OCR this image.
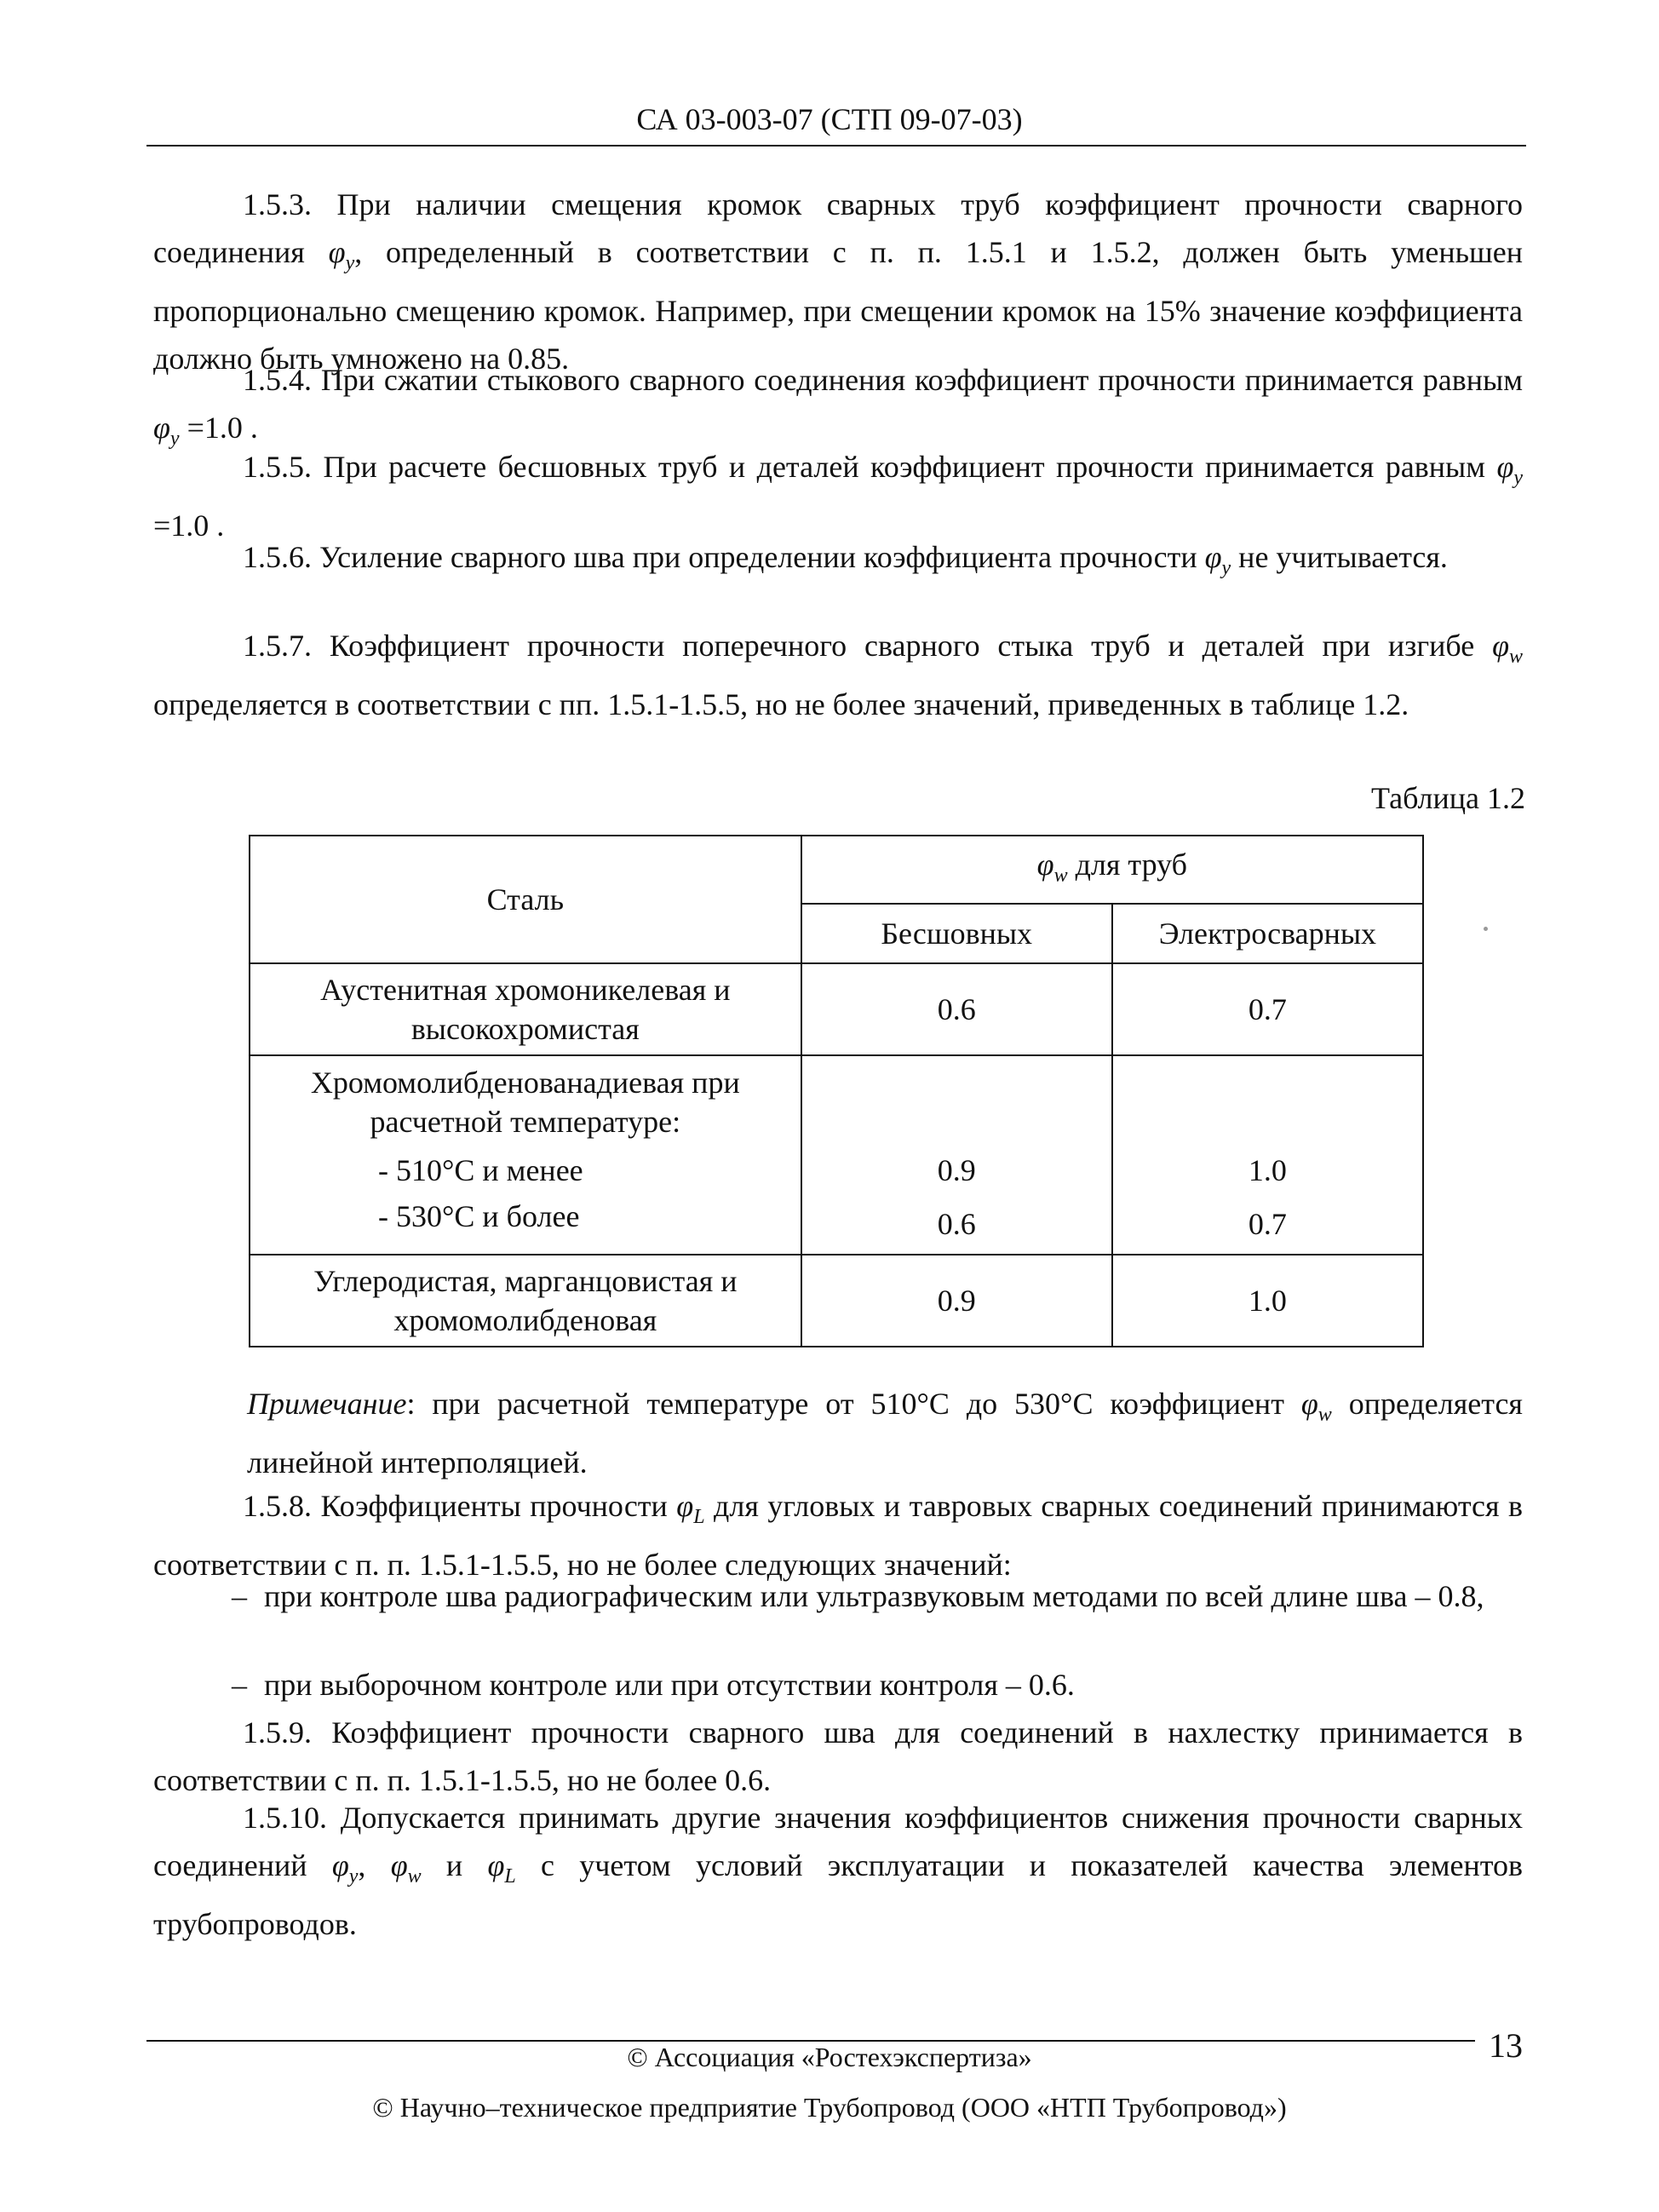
СА 03-003-07 (СТП 09-07-03)
1.5.3. При наличии смещения кромок сварных труб коэффициент прочности сварного соединения $\varphi_y$, определенный в соответствии с п. п. 1.5.1 и 1.5.2, должен быть уменьшен пропорционально смещению кромок. Например, при смещении кромок на 15% значение коэффициента должно быть умножено на 0.85.
1.5.4. При сжатии стыкового сварного соединения коэффициент прочности принимается равным $\varphi_y =1.0$ .
1.5.5. При расчете бесшовных труб и деталей коэффициент прочности принимается равным $\varphi_y =1.0$ .
1.5.6. Усиление сварного шва при определении коэффициента прочности $\varphi_y$ не учитывается.
1.5.7. Коэффициент прочности поперечного сварного стыка труб и деталей при изгибе $\varphi_w$ определяется в соответствии с пп. 1.5.1-1.5.5, но не более значений, приведенных в таблице 1.2.
Таблица 1.2
Сталь	$\varphi_w$ для труб	
	Бесшовных	Электросварных
Аустенитная хромоникелевая и высокохромистая	0.6	0.7
Хромомолибденованадиевая при расчетной температуре:		

- 510°С и менее	0.9	1.0

- 530°С и более	0.6	0.7
Углеродистая, марганцовистая и хромомолибденовая	0.9	1.0
Примечание: при расчетной температуре от 510°С до 530°С коэффициент $\varphi_w$ определяется линейной интерполяцией.
1.5.8. Коэффициенты прочности $\varphi_L$ для угловых и тавровых сварных соединений принимаются в соответствии с п. п. 1.5.1-1.5.5, но не более следующих значений:
– при контроле шва радиографическим или ультразвуковым методами по всей длине шва – 0.8,
– при выборочном контроле или при отсутствии контроля – 0.6.
1.5.9. Коэффициент прочности сварного шва для соединений в нахлестку принимается в соответствии с п. п. 1.5.1-1.5.5, но не более 0.6.
1.5.10. Допускается принимать другие значения коэффициентов снижения прочности сварных соединений $\varphi_y$, $\varphi_w$ и $\varphi_L$ с учетом условий эксплуатации и показателей качества элементов трубопроводов.
© Ассоциация «Ростехэкспертиза»	13
© Научно–техническое предприятие Трубопровод (ООО «НТП Трубопровод»)
